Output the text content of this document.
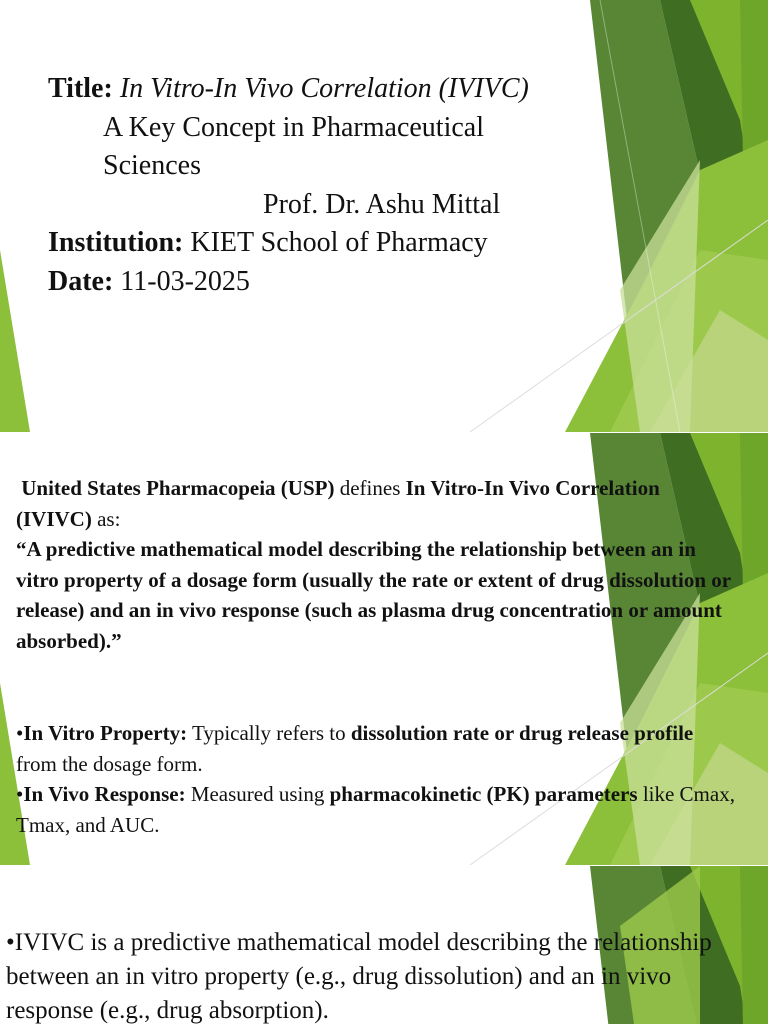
Title: In Vitro-In Vivo Correlation (IVIVC)
A Key Concept in Pharmaceutical Sciences
Prof. Dr. Ashu Mittal
Institution: KIET School of Pharmacy
Date: 11-03-2025

United States Pharmacopeia (USP) defines In Vitro-In Vivo Correlation (IVIVC) as:

“A predictive mathematical model describing the relationship between an in vitro property of a dosage form (usually the rate or extent of drug dissolution or release) and an in vivo response (such as plasma drug concentration or amount absorbed).”

•In Vitro Property: Typically refers to dissolution rate or drug release profile from the dosage form.

•In Vivo Response: Measured using pharmacokinetic (PK) parameters like Cmax, Tmax, and AUC.

•IVIVC is a predictive mathematical model describing the relationship between an in vitro property (e.g., drug dissolution) and an in vivo response (e.g., drug absorption).
